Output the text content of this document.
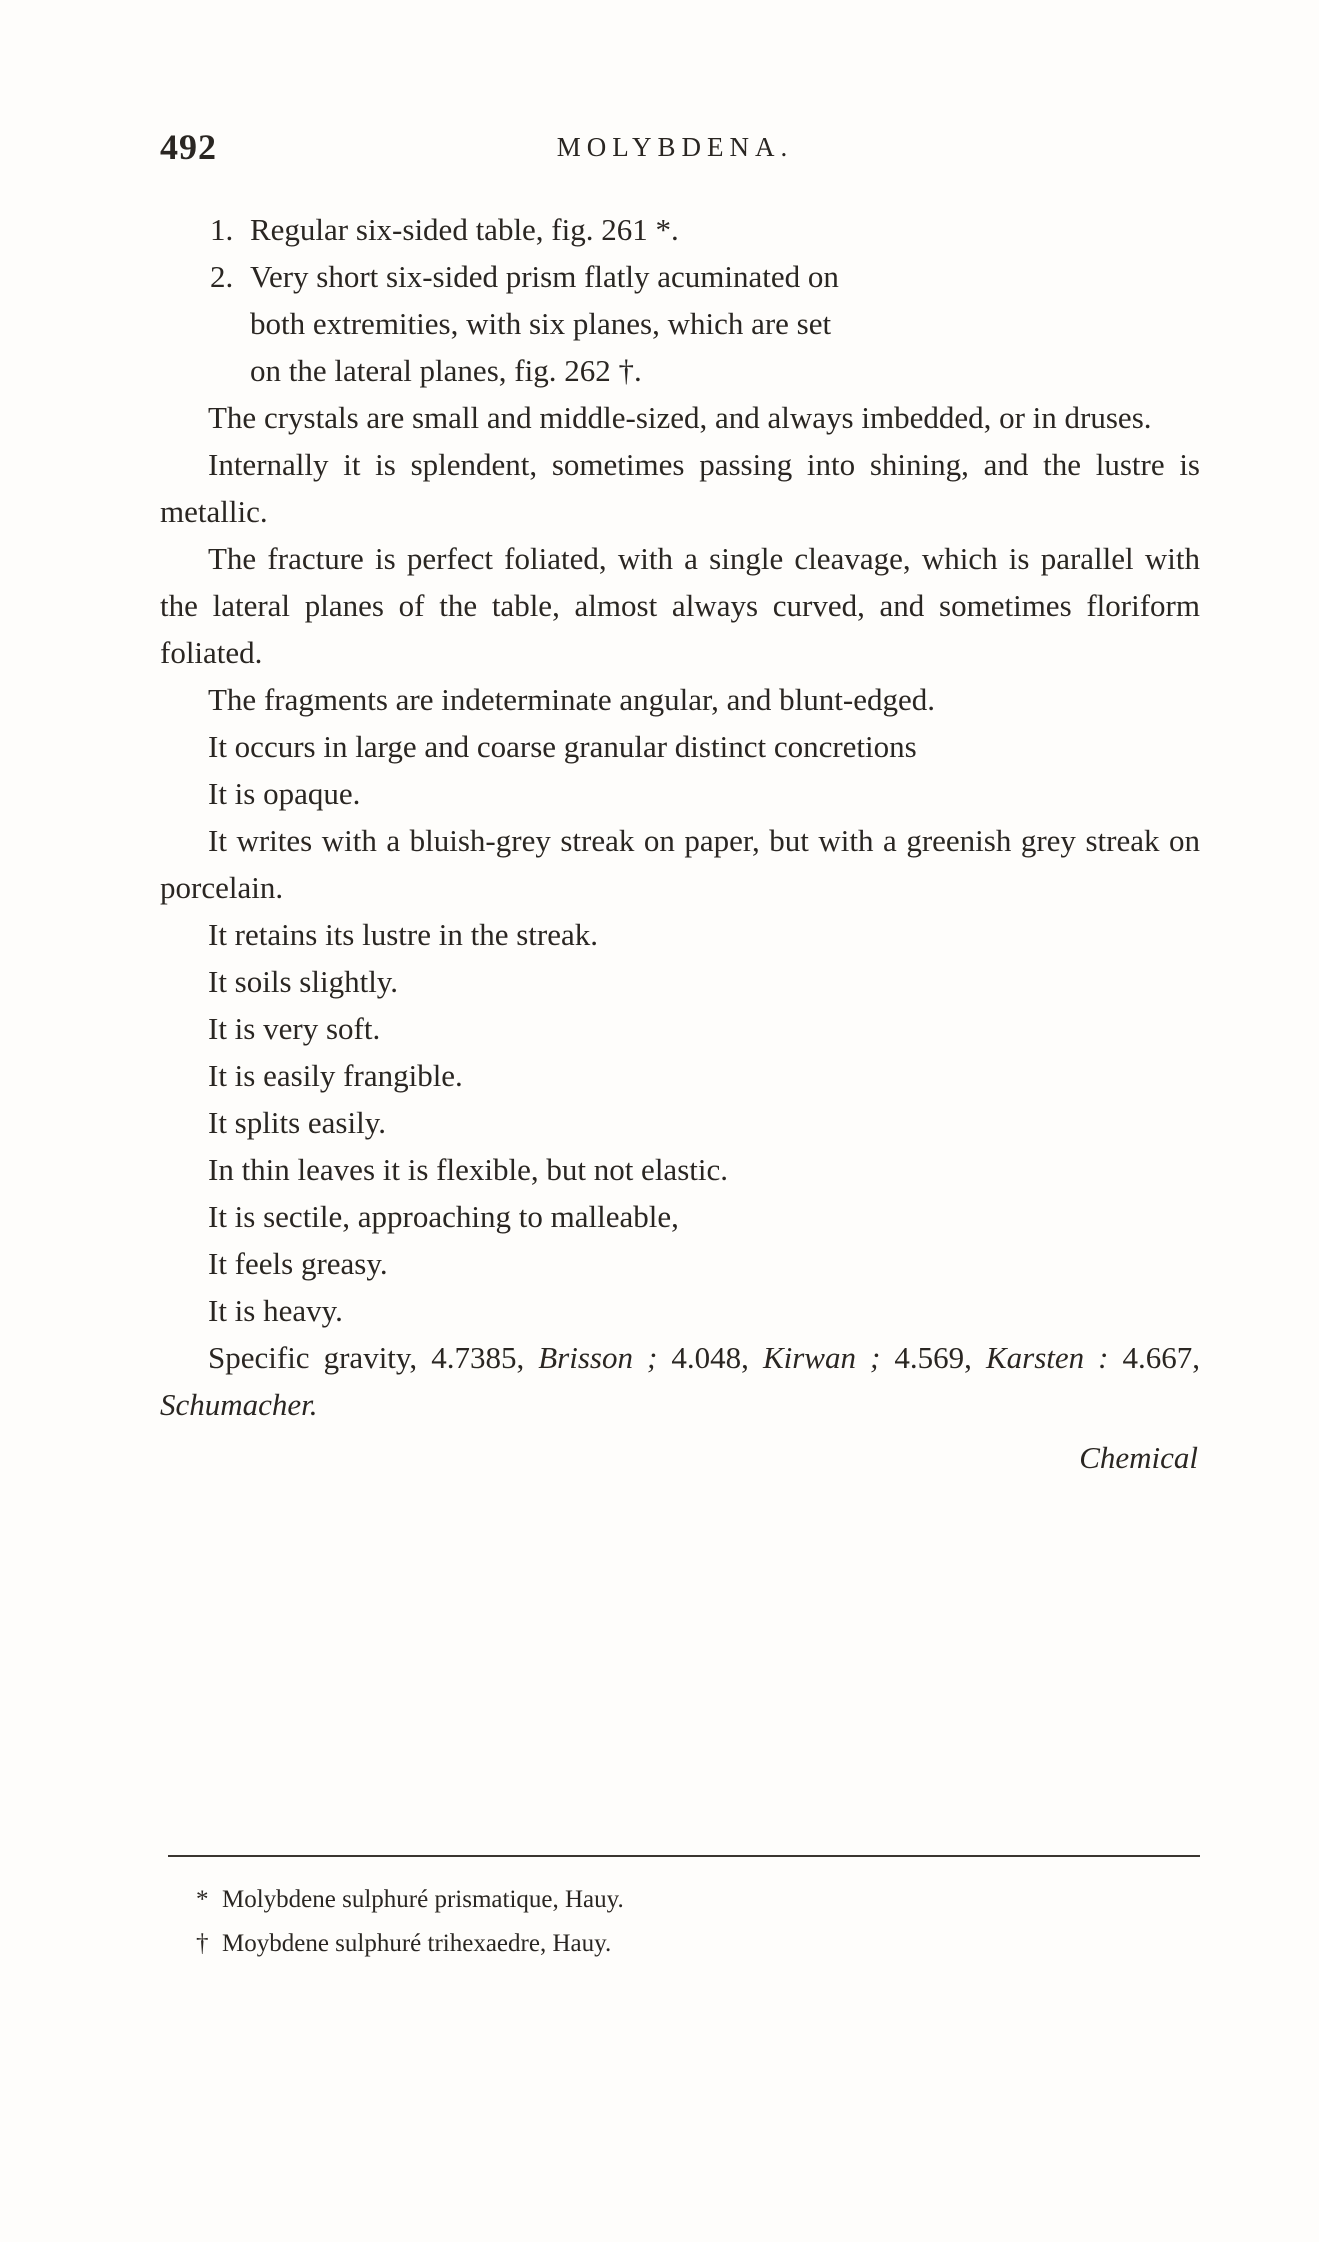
492	MOLYBDENA.
1. Regular six-sided table, fig. 261 *.
2. Very short six-sided prism flatly acuminated on
both extremities, with six planes, which are set
on the lateral planes, fig. 262 †.
The crystals are small and middle-sized, and always imbedded, or in druses.
Internally it is splendent, sometimes passing into shining, and the lustre is metallic.
The fracture is perfect foliated, with a single cleavage, which is parallel with the lateral planes of the table, almost always curved, and sometimes floriform foliated.
The fragments are indeterminate angular, and blunt-edged.
It occurs in large and coarse granular distinct concretions
It is opaque.
It writes with a bluish-grey streak on paper, but with a greenish grey streak on porcelain.
It retains its lustre in the streak.
It soils slightly.
It is very soft.
It is easily frangible.
It splits easily.
In thin leaves it is flexible, but not elastic.
It is sectile, approaching to malleable,
It feels greasy.
It is heavy.
Specific gravity, 4.7385, Brisson ; 4.048, Kirwan ; 4.569, Karsten : 4.667, Schumacher.
Chemical
* Molybdene sulphuré prismatique, Hauy.
† Moybdene sulphuré trihexaedre, Hauy.
